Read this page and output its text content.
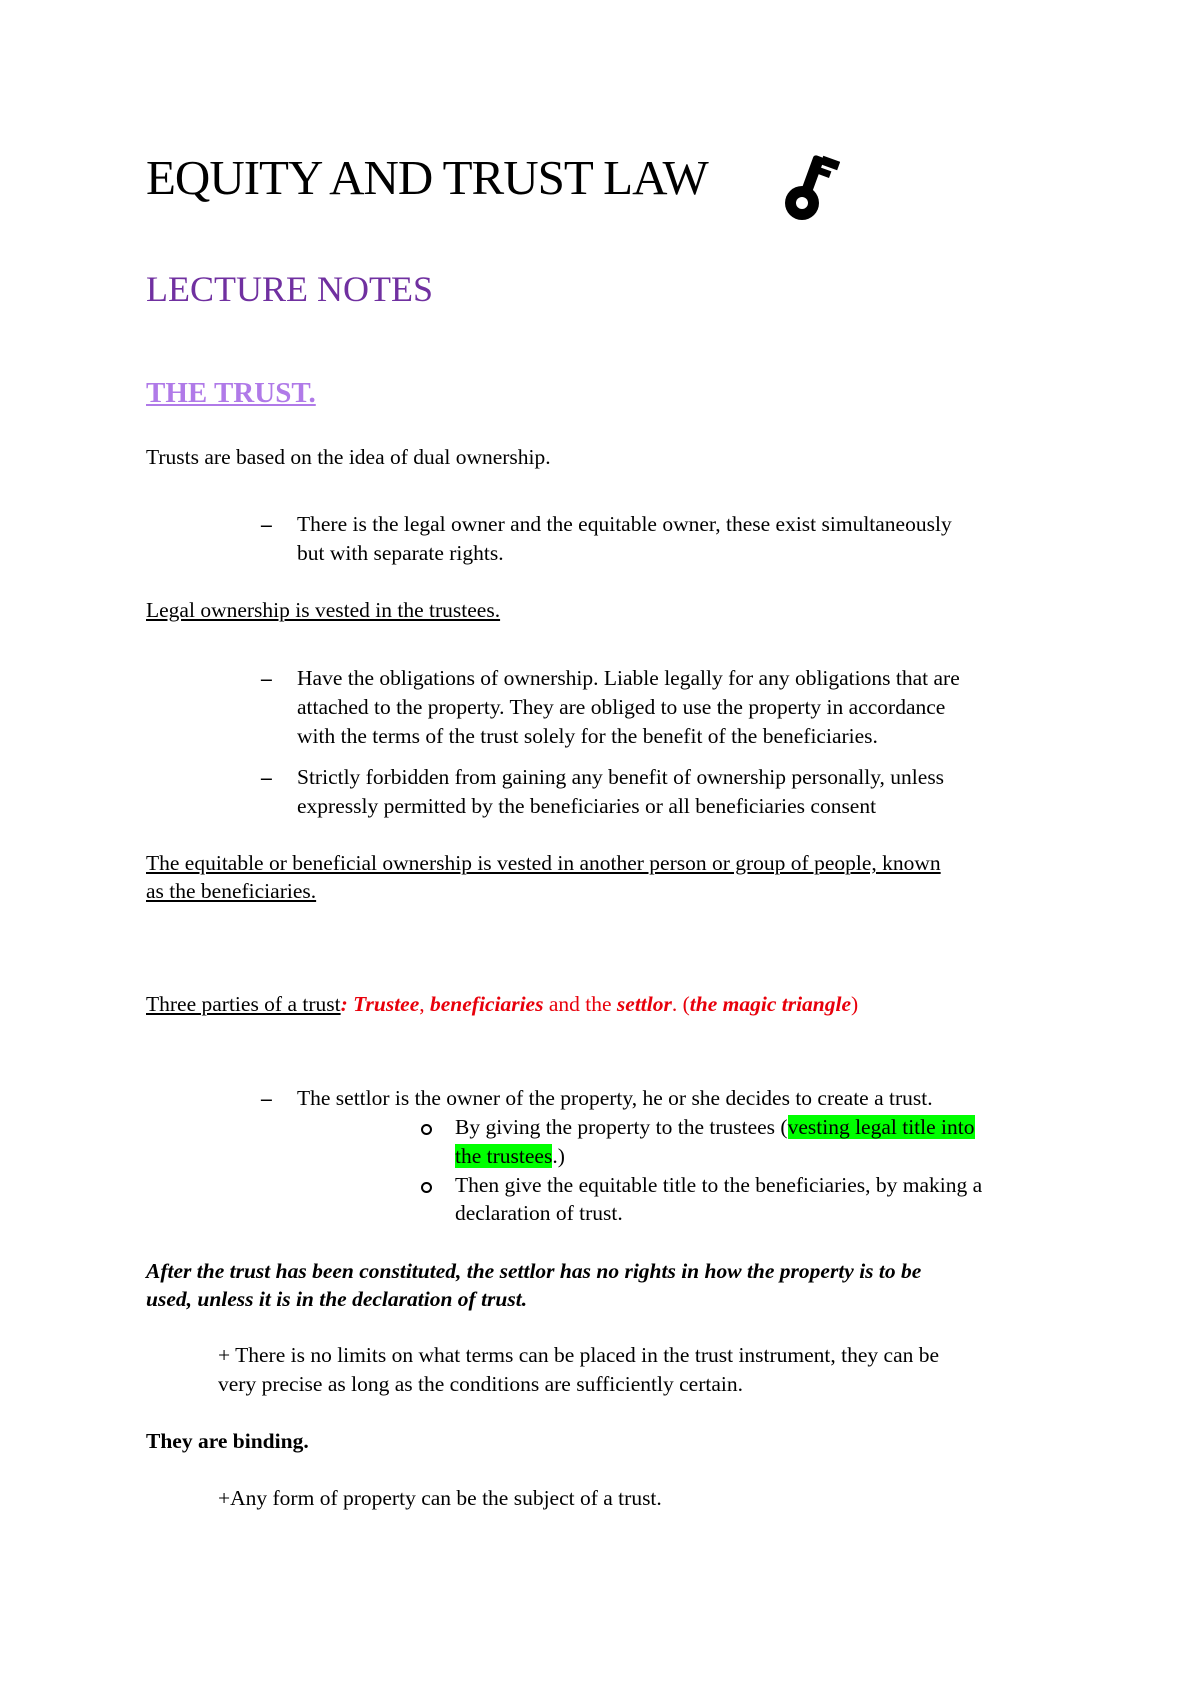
EQUITY AND TRUST LAW
LECTURE NOTES
THE TRUST.
Trusts are based on the idea of dual ownership.
– There is the legal owner and the equitable owner, these exist simultaneously
but with separate rights.
Legal ownership is vested in the trustees.
– Have the obligations of ownership. Liable legally for any obligations that are
attached to the property. They are obliged to use the property in accordance
with the terms of the trust solely for the benefit of the beneficiaries.
– Strictly forbidden from gaining any benefit of ownership personally, unless
expressly permitted by the beneficiaries or all beneficiaries consent
The equitable or beneficial ownership is vested in another person or group of people, known
as the beneficiaries.
Three parties of a trust: Trustee, beneficiaries and the settlor. (the magic triangle)
– The settlor is the owner of the property, he or she decides to create a trust.
By giving the property to the trustees (vesting legal title into
the trustees.)
Then give the equitable title to the beneficiaries, by making a
declaration of trust.
After the trust has been constituted, the settlor has no rights in how the property is to be
used, unless it is in the declaration of trust.
+ There is no limits on what terms can be placed in the trust instrument, they can be
very precise as long as the conditions are sufficiently certain.
They are binding.
+Any form of property can be the subject of a trust.
